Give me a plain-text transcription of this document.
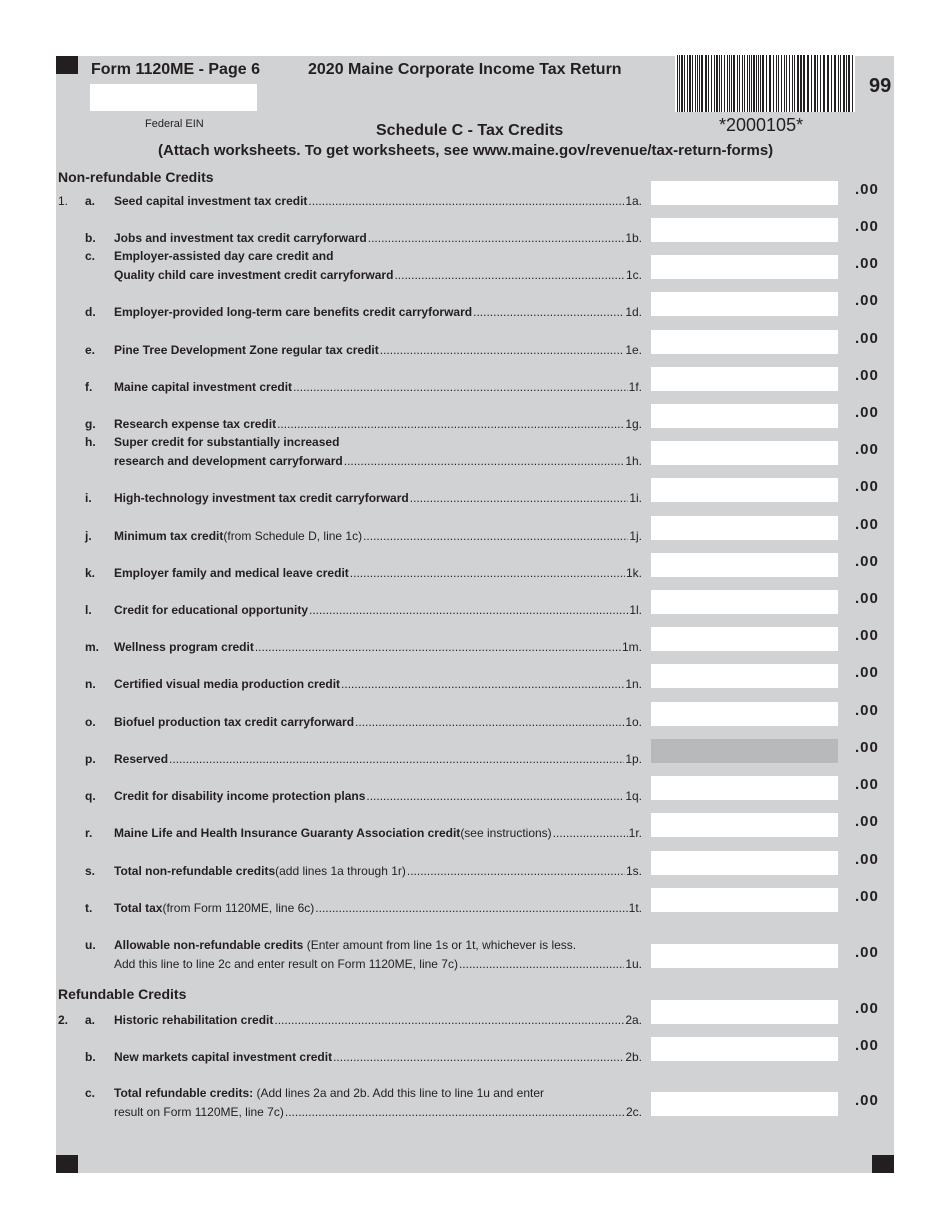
Form 1120ME - Page 6	2020 Maine Corporate Income Tax Return
Federal EIN	*2000105*
99
Schedule C - Tax Credits
(Attach worksheets. To get worksheets, see www.maine.gov/revenue/tax-return-forms)
Non-refundable Credits
Refundable Credits
1.
2.
a.	Seed capital investment tax credit .....	1a.
.00
b.	Jobs and investment tax credit carryforward .....	1b.
.00
c.	Employer-assisted day care credit and
Quality child care investment credit carryforward .....	1c.
.00
d.	Employer-provided long-term care benefits credit carryforward .....	1d.
.00
e.	Pine Tree Development Zone regular tax credit .....	1e.
.00
f.	Maine capital investment credit .....	1f.
.00
g.	Research expense tax credit .....	1g.
.00
h.	Super credit for substantially increased
research and development carryforward .....	1h.
.00
i.	High-technology investment tax credit carryforward .....	1i.
.00
j.	Minimum tax credit (from Schedule D, line 1c) .....	1j.
.00
k.	Employer family and medical leave credit .....	1k.
.00
l.	Credit for educational opportunity .....	1l.
.00
m.	Wellness program credit .....	1m.
.00
n.	Certified visual media production credit .....	1n.
.00
o.	Biofuel production tax credit carryforward .....	1o.
.00
p.	Reserved .....	1p.
.00
q.	Credit for disability income protection plans .....	1q.
.00
r.	Maine Life and Health Insurance Guaranty Association credit (see instructions) .....	1r.
.00
s.	Total non-refundable credits (add lines 1a through 1r) .....	1s.
.00
t.	Total tax (from Form 1120ME, line 6c) .....	1t.
.00
u.	Allowable non-refundable credits (Enter amount from line 1s or 1t, whichever is less.
Add this line to line 2c and enter result on Form 1120ME, line 7c) .....	1u.
.00
a.	Historic rehabilitation credit .....	2a.
.00
b.	New markets capital investment credit .....	2b.
.00
c.	Total refundable credits: (Add lines 2a and 2b. Add this line to line 1u and enter
result on Form 1120ME, line 7c) .....	2c.
.00
